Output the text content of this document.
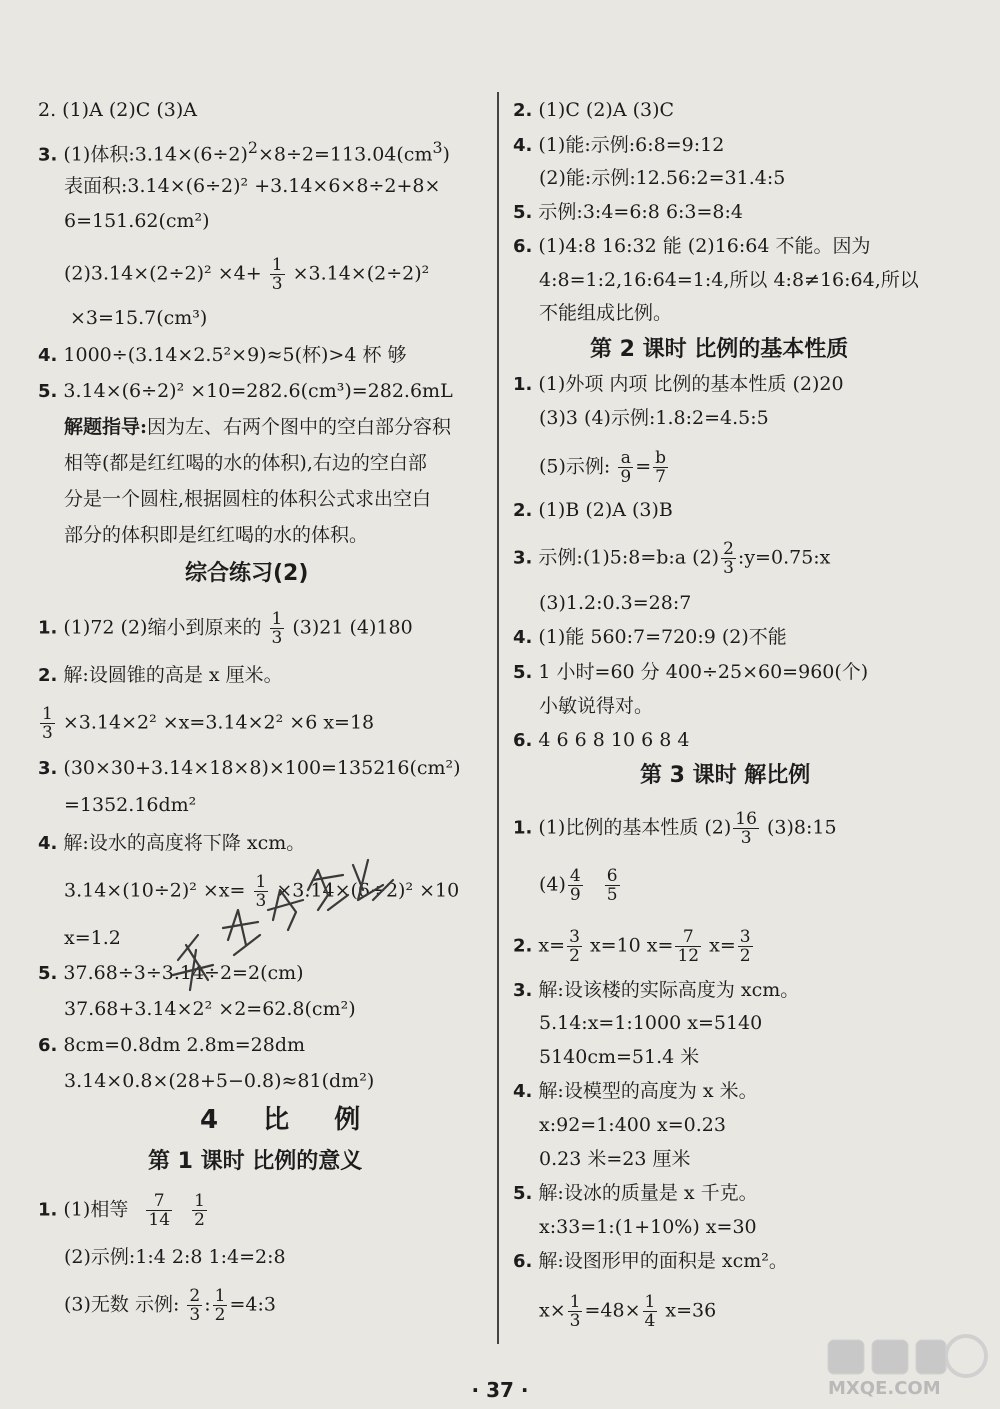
2. (1)A (2)C (3)A
3. (1)体积$:3.14\times(6\div 2)^2\times 8\div 2=113.04(cm^3)$
表面积:3.14×(6÷2)² +3.14×6×8÷2+8×
6=151.62(cm²)
$(2)3.14\times(2\div 2)^2 \times 4+ \frac{1}{3} \times 3.14\times(2\div 2)^2$
×3=15.7(cm³)
4. 1000÷(3.14×2.5²×9)≈5(杯)>4 杯 够
5. 3.14×(6÷2)² ×10=282.6(cm³)=282.6mL
解题指导:因为左、右两个图中的空白部分容积
相等(都是红红喝的水的体积),右边的空白部
分是一个圆柱,根据圆柱的体积公式求出空白
部分的体积即是红红喝的水的体积。
综合练习(2)
1. (1)72 (2)缩小到原来的 $\frac{1}{3} (3)21$ (4)180
2. 解:设圆锥的高是 x 厘米。
$\frac{1}{3} \times 3.14\times 2^2 \times x=3.14\times 2^2 \times 6$ x=18
3. (30×30+3.14×18×8)×100=135216(cm²)
=1352.16dm²
4. 解:设水的高度将下降 xcm。
$3.14\times(10\div 2)^2 \times x= \frac{1}{3} \times 3.14\times(6\div 2)^2 \times 10$
x=1.2
5. 37.68÷3÷3.14÷2=2(cm)
37.68+3.14×2² ×2=62.8(cm²)
6. 8cm=0.8dm 2.8m=28dm
3.14×0.8×(28+5−0.8)≈81(dm²)
4 比 例
第 1 课时 比例的意义
1. (1)相等 $\frac{7}{14}$
$\frac{1}{2}$
(2)示例:1:4 2:8 1:4=2:8
(3)无数 示例: $\frac{2}{3}$ : $\frac{1}{2}$ =4:3
2. (1)C (2)A (3)C
4. (1)能:示例:6:8=9:12
(2)能:示例:12.56:2=31.4:5
5. 示例:3:4=6:8 6:3=8:4
6. (1)4:8 16:32 能 (2)16:64 不能。因为
4:8=1:2,16:64=1:4,所以 4:8≠16:64,所以
不能组成比例。
第 2 课时 比例的基本性质
1. (1)外项 内项 比例的基本性质 (2)20
(3)3 (4)示例:1.8:2=4.5:5
(5)示例: $\frac{a}{9} = \frac{b}{7}$
2. (1)B (2)A (3)B
3. 示例:(1)5:8=b:a $(2) \frac{2}{3}$ :y=0.75:x
(3)1.2:0.3=28:7
4. (1)能 560:7=720:9 (2)不能
5. 1 小时=60 分 400÷25×60=960(个)
小敏说得对。
6. 4 6 6 8 10 6 8 4
第 3 课时 解比例
1. (1)比例的基本性质 $(2) \frac{16}{3}$ (3)8:15
$(4) \frac{4}{9}$
$\frac{6}{5}$
2. $x= \frac{3}{2} x=10$ $x= \frac{7}{12} x= \frac{3}{2}$
3. 解:设该楼的实际高度为 xcm。
5.14:x=1:1000 x=5140
5140cm=51.4 米
4. 解:设模型的高度为 x 米。
x:92=1:400 x=0.23
0.23 米=23 厘米
5. 解:设冰的质量是 x 千克。
x:33=1:(1+10%) x=30
6. 解:设图形甲的面积是 xcm²。
$x\times \frac{1}{3} =48\times \frac{1}{4} x=36$
MXQE.COM
· 37 ·
